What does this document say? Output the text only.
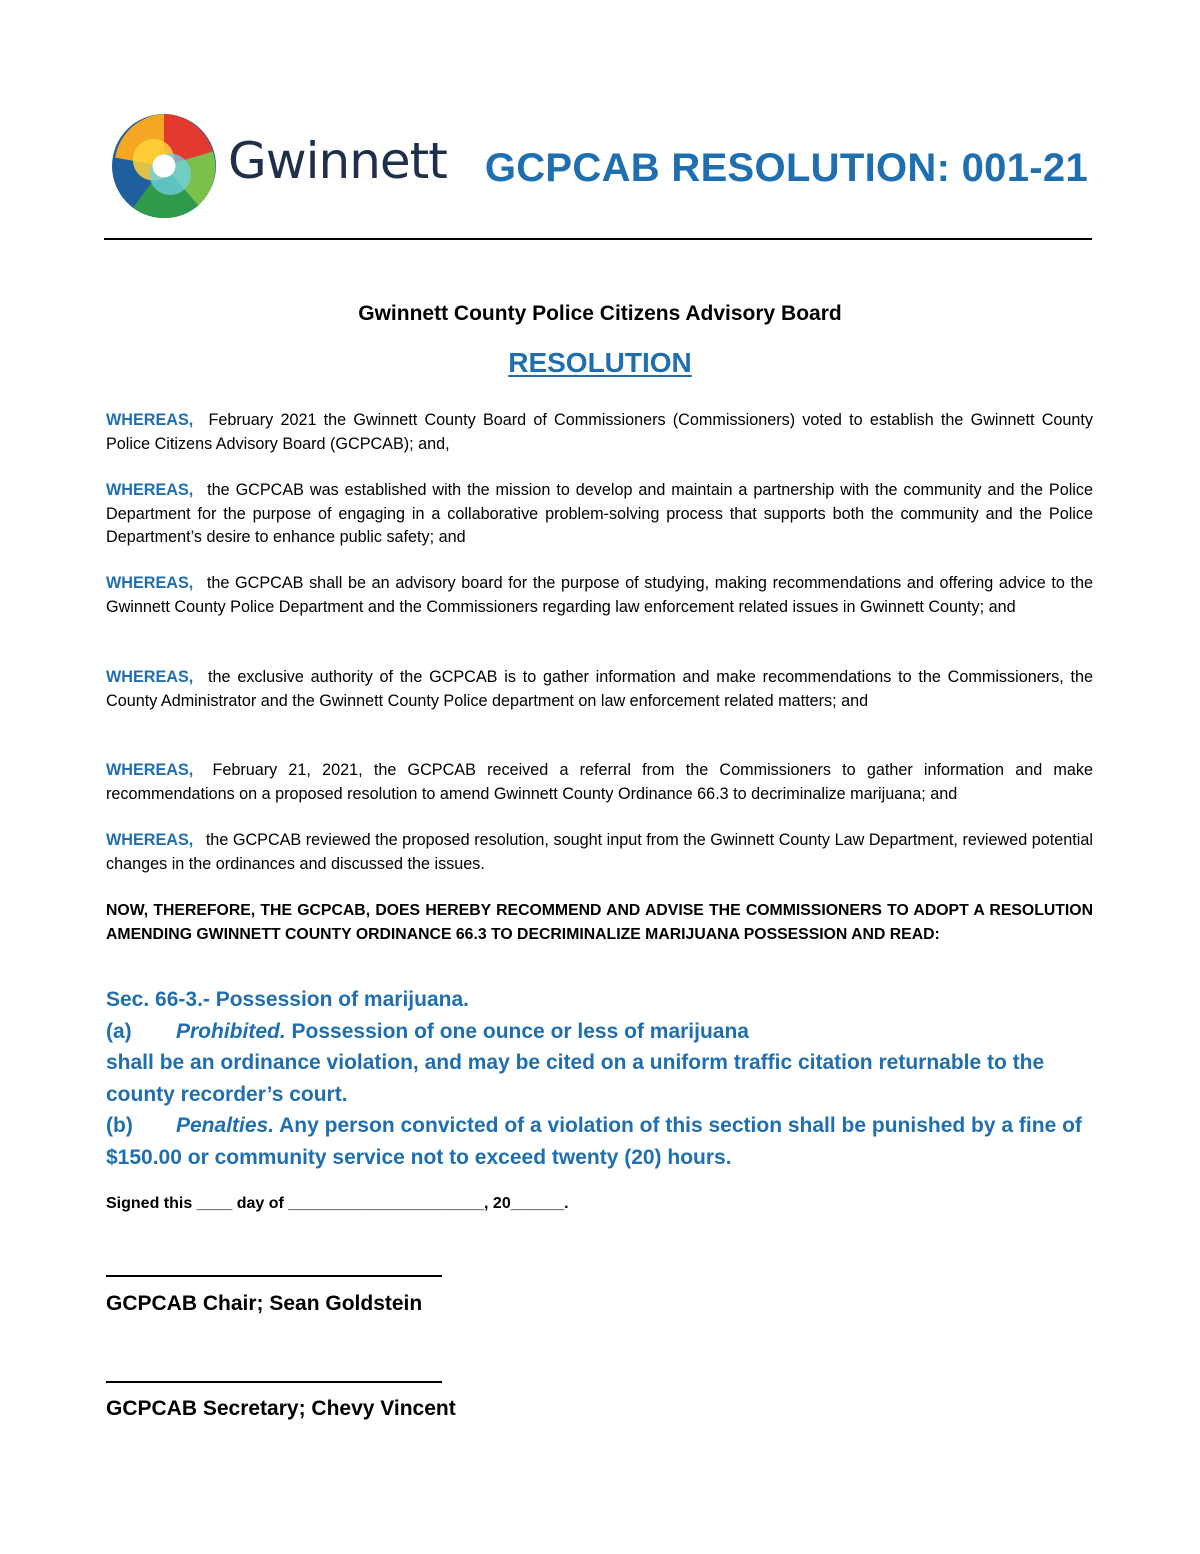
Gwinnett GCPCAB RESOLUTION: 001-21
Gwinnett County Police Citizens Advisory Board
RESOLUTION
WHEREAS, February 2021 the Gwinnett County Board of Commissioners (Commissioners) voted to establish the Gwinnett County Police Citizens Advisory Board (GCPCAB); and,
WHEREAS, the GCPCAB was established with the mission to develop and maintain a partnership with the community and the Police Department for the purpose of engaging in a collaborative problem-solving process that supports both the community and the Police Department’s desire to enhance public safety; and
WHEREAS, the GCPCAB shall be an advisory board for the purpose of studying, making recommendations and offering advice to the Gwinnett County Police Department and the Commissioners regarding law enforcement related issues in Gwinnett County; and
WHEREAS, the exclusive authority of the GCPCAB is to gather information and make recommendations to the Commissioners, the County Administrator and the Gwinnett County Police department on law enforcement related matters; and
WHEREAS, February 21, 2021, the GCPCAB received a referral from the Commissioners to gather information and make recommendations on a proposed resolution to amend Gwinnett County Ordinance 66.3 to decriminalize marijuana; and
WHEREAS, the GCPCAB reviewed the proposed resolution, sought input from the Gwinnett County Law Department, reviewed potential changes in the ordinances and discussed the issues.
NOW, THEREFORE, THE GCPCAB, DOES HEREBY RECOMMEND AND ADVISE THE COMMISSIONERS TO ADOPT A RESOLUTION AMENDING GWINNETT COUNTY ORDINANCE 66.3 TO DECRIMINALIZE MARIJUANA POSSESSION AND READ:
Sec. 66-3.- Possession of marijuana.
(a) Prohibited. Possession of one ounce or less of marijuana
shall be an ordinance violation, and may be cited on a uniform traffic citation returnable to the county recorder’s court.
(b) Penalties. Any person convicted of a violation of this section shall be punished by a fine of $150.00 or community service not to exceed twenty (20) hours.
Signed this ____ day of ______________________, 20______.
GCPCAB Chair; Sean Goldstein
GCPCAB Secretary; Chevy Vincent
